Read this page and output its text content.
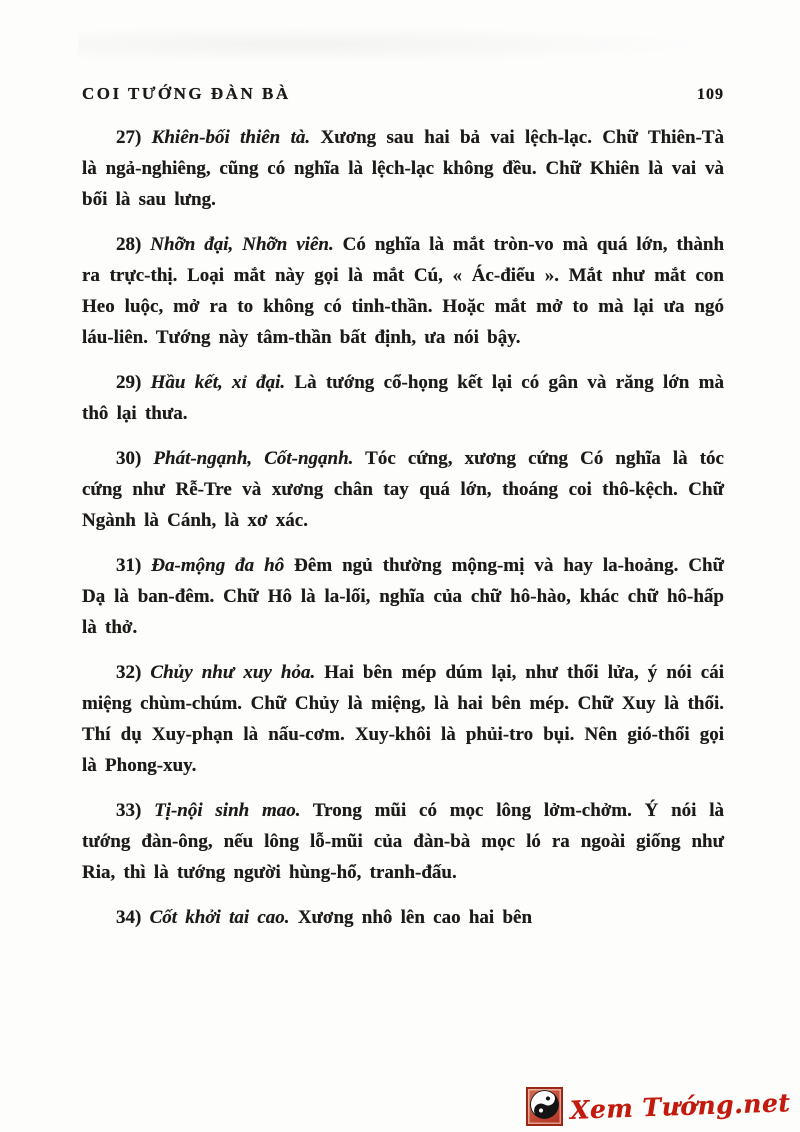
COI TƯỚNG ĐÀN BÀ	109

27) Khiên-bối thiên tà. Xương sau hai bả vai lệch-lạc. Chữ Thiên-Tà là ngả-nghiêng, cũng có nghĩa là lệch-lạc không đều. Chữ Khiên là vai và bối là sau lưng.

28) Nhỡn đại, Nhỡn viên. Có nghĩa là mắt tròn-vo mà quá lớn, thành ra trực-thị. Loại mắt này gọi là mắt Cú, « Ác-điểu ». Mắt như mắt con Heo luộc, mở ra to không có tinh-thần. Hoặc mắt mở to mà lại ưa ngó láu-liên. Tướng này tâm-thần bất định, ưa nói bậy.

29) Hầu kết, xỉ đại. Là tướng cổ-họng kết lại có gân và răng lớn mà thô lại thưa.

30) Phát-ngạnh, Cốt-ngạnh. Tóc cứng, xương cứng Có nghĩa là tóc cứng như Rễ-Tre và xương chân tay quá lớn, thoáng coi thô-kệch. Chữ Ngành là Cánh, là xơ xác.

31) Đa-mộng đa hô Đêm ngủ thường mộng-mị và hay la-hoảng. Chữ Dạ là ban-đêm. Chữ Hô là la-lối, nghĩa của chữ hô-hào, khác chữ hô-hấp là thở.

32) Chủy như xuy hỏa. Hai bên mép dúm lại, như thổi lửa, ý nói cái miệng chùm-chúm. Chữ Chủy là miệng, là hai bên mép. Chữ Xuy là thổi. Thí dụ Xuy-phạn là nấu-cơm. Xuy-khôi là phủi-tro bụi. Nên gió-thổi gọi là Phong-xuy.

33) Tị-nội sinh mao. Trong mũi có mọc lông lởm-chởm. Ý nói là tướng đàn-ông, nếu lông lỗ-mũi của đàn-bà mọc ló ra ngoài giống như Ria, thì là tướng người hùng-hổ, tranh-đấu.

34) Cốt khởi tai cao. Xương nhô lên cao hai bên

Xem Tướng.net
